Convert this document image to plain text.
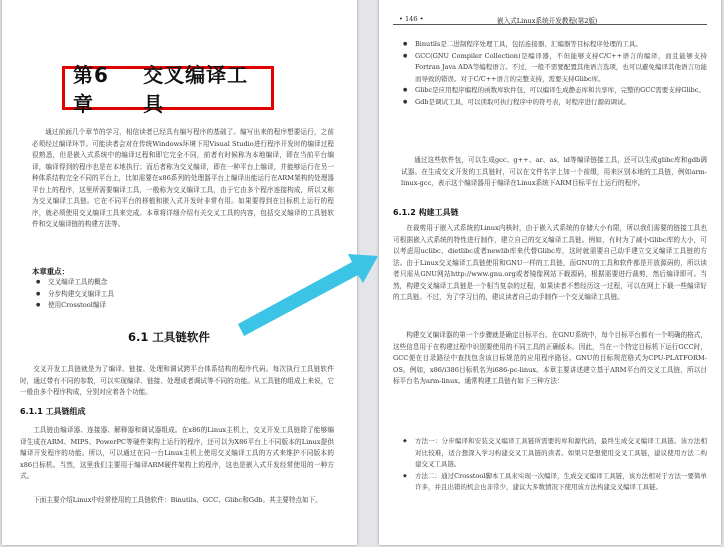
第6章
交叉编译工具
通过前面几个章节的学习，相信读者已经具有编写程序的基础了。编写出来的程序想要运行，之前必须经过编译环节。可能读者会对在传统Windows环境下用Visual Studio进行程序开发时的编译过程很熟悉，但是嵌入式系统中的编译过程和即它完全不同，前者有时候称为本地编译，即在当前平台编译，编译得到的程序也是在本地执行；而后者称为交叉编译，即在一种平台上编译，并能够运行在另一种体系结构完全不同的平台上，比如需要在x86系列的处理器平台上编译出能运行在ARM架构的处理器平台上的程序，这里所需要编译工具，一般称为交叉编译工具，由于它由多个程序连接构成，所以又称为交叉编译工具链。它在不同平台的移植和嵌入式开发时非常有用。如果要得到在目标机上运行的程序，就必须使用交叉编译工具来完成。本章将详细介绍有关交叉工具的内容，包括交叉编译的工具链软件和交叉编译链的构建方法等。
本章重点：
● 交叉编译工具的概念
● 分步构建交叉编译工具
● 使用Crosstool编译
6.1 工具链软件
交叉开发工具链就是为了编译、链接、处理和调试跨平台体系结构的程序代码。每次执行工具链软件时，通过带有不同的参数，可以实现编译、链接、处理或者调试等不同的功能。从工具链的组成上来说，它一般由多个程序构成，分别对应着各个功能。
6.1.1 工具链组成
工具链由编译器、连接器、解释器和调试器组成。在x86的Linux主机上，交叉开发工具链除了能够编译生成在ARM、MIPS、PowerPC等硬件架构上运行的程序，还可以为X86平台上不同版本的Linux提供编译开发程序的功能。所以，可以通过在同一台Linux主机上使用交叉编译工具的方式来维护不同版本的x86目标机。当然，这里我们主要用于编译ARM硬件架构上的程序，这也是嵌入式开发经常使用的一种方式。
下面主要介绍Linux中经常使用的工具链软件：Binutils、GCC、Glibc和Gdb。其主要特点如下。
• 146 •	嵌入式Linux系统开发教程(第2版)
● Binutils是二进制程序处理工具，包括连接器、汇编器等目标程序处理的工具。
● GCC(GNU Compiler Collection)是编译器，不但能够支持C/C++语言的编译，而且能够支持Fortran Java ADA等编程语言。不过，一般不需要配置其他语言选项，也可以避免编译其他语言功能而导致的错误。对于C/C++语言的完整支持，需要支持Glibc库。
● Glibc是应用程序编程的函数库软件包，可以编译生成静态库和共享库，完整的GCC需要支持Glibc。
● Gdb是调试工具，可以读取可执行程序中的符号表，对程序进行源码调试。
通过这些软件包，可以生成gcc、g++、ar、as、ld等编译链接工具，还可以生成glibc库和gdb调试器。在生成交叉开发的工具链时，可以在文件名字上加一个前缀，用来区别本地的工具链，例如arm-linux-gcc，表示这个编译器用于编译在Linux系统下ARM目标平台上运行的程序。
6.1.2 构建工具链
在裁剪用于嵌入式系统的Linux内核时，由于嵌入式系统的存储大小有限，所以我们需要的链接工具也可根据嵌入式系统的特性进行制作，建立自己的交叉编译工具链。例如，有时为了减小Glibc库的大小，可以考虑用uclibc、dietlibc或者newlib库来代替Glibc库，这时就需要自己动手建立交叉编译工具链的方法。由于Linux交叉编译工具链使用和GNU一样的工具链，而GNU的工具和软件都是开放源码的，所以读者只需从GNU网站http://www.gnu.org或者镜像网站下载源码，根据需要进行裁剪，然后编译即可。当然，构建交叉编译工具链是一个相当复杂的过程，如果读者不想经历这一过程，可以在网上下载一些编译好的工具链。不过，为了学习目的，建议读者自己动手制作一个交叉编译工具链。
构建交叉编译器的第一个步骤就是确定目标平台。在GNU系统中，每个目标平台都有一个明确的格式，这些信息用于在构建过程中识别要使用的不同工具的正确版本。因此，当在一个特定目标机下运行GCC时，GCC便在目录路径中查找包含该目标规范的应用程序路径。GNU的目标规范格式为CPU-PLATFORM-OS。例如，x86/i386目标机名为i686-pc-linux。本章主要讲述建立基于ARM平台的交叉工具链，所以目标平台名为arm-linux。通常构建工具链有如下三种方法：
◆ 方法一：分步编译和安装交叉编译工具链所需要的库和源代码，最终生成交叉编译工具链。该方法相对比较难，适合想深入学习构建交叉工具链的读者。如果只是想使用交叉工具链，建议使用方法二构建交叉工具链。
◆ 方法二：通过Crosstool脚本工具来实现一次编译，生成交叉编译工具链，该方法相对于方法一要简单许多，并且出错的机会也非常少，建议大多数情况下使用该方法构建交叉编译工具链。
